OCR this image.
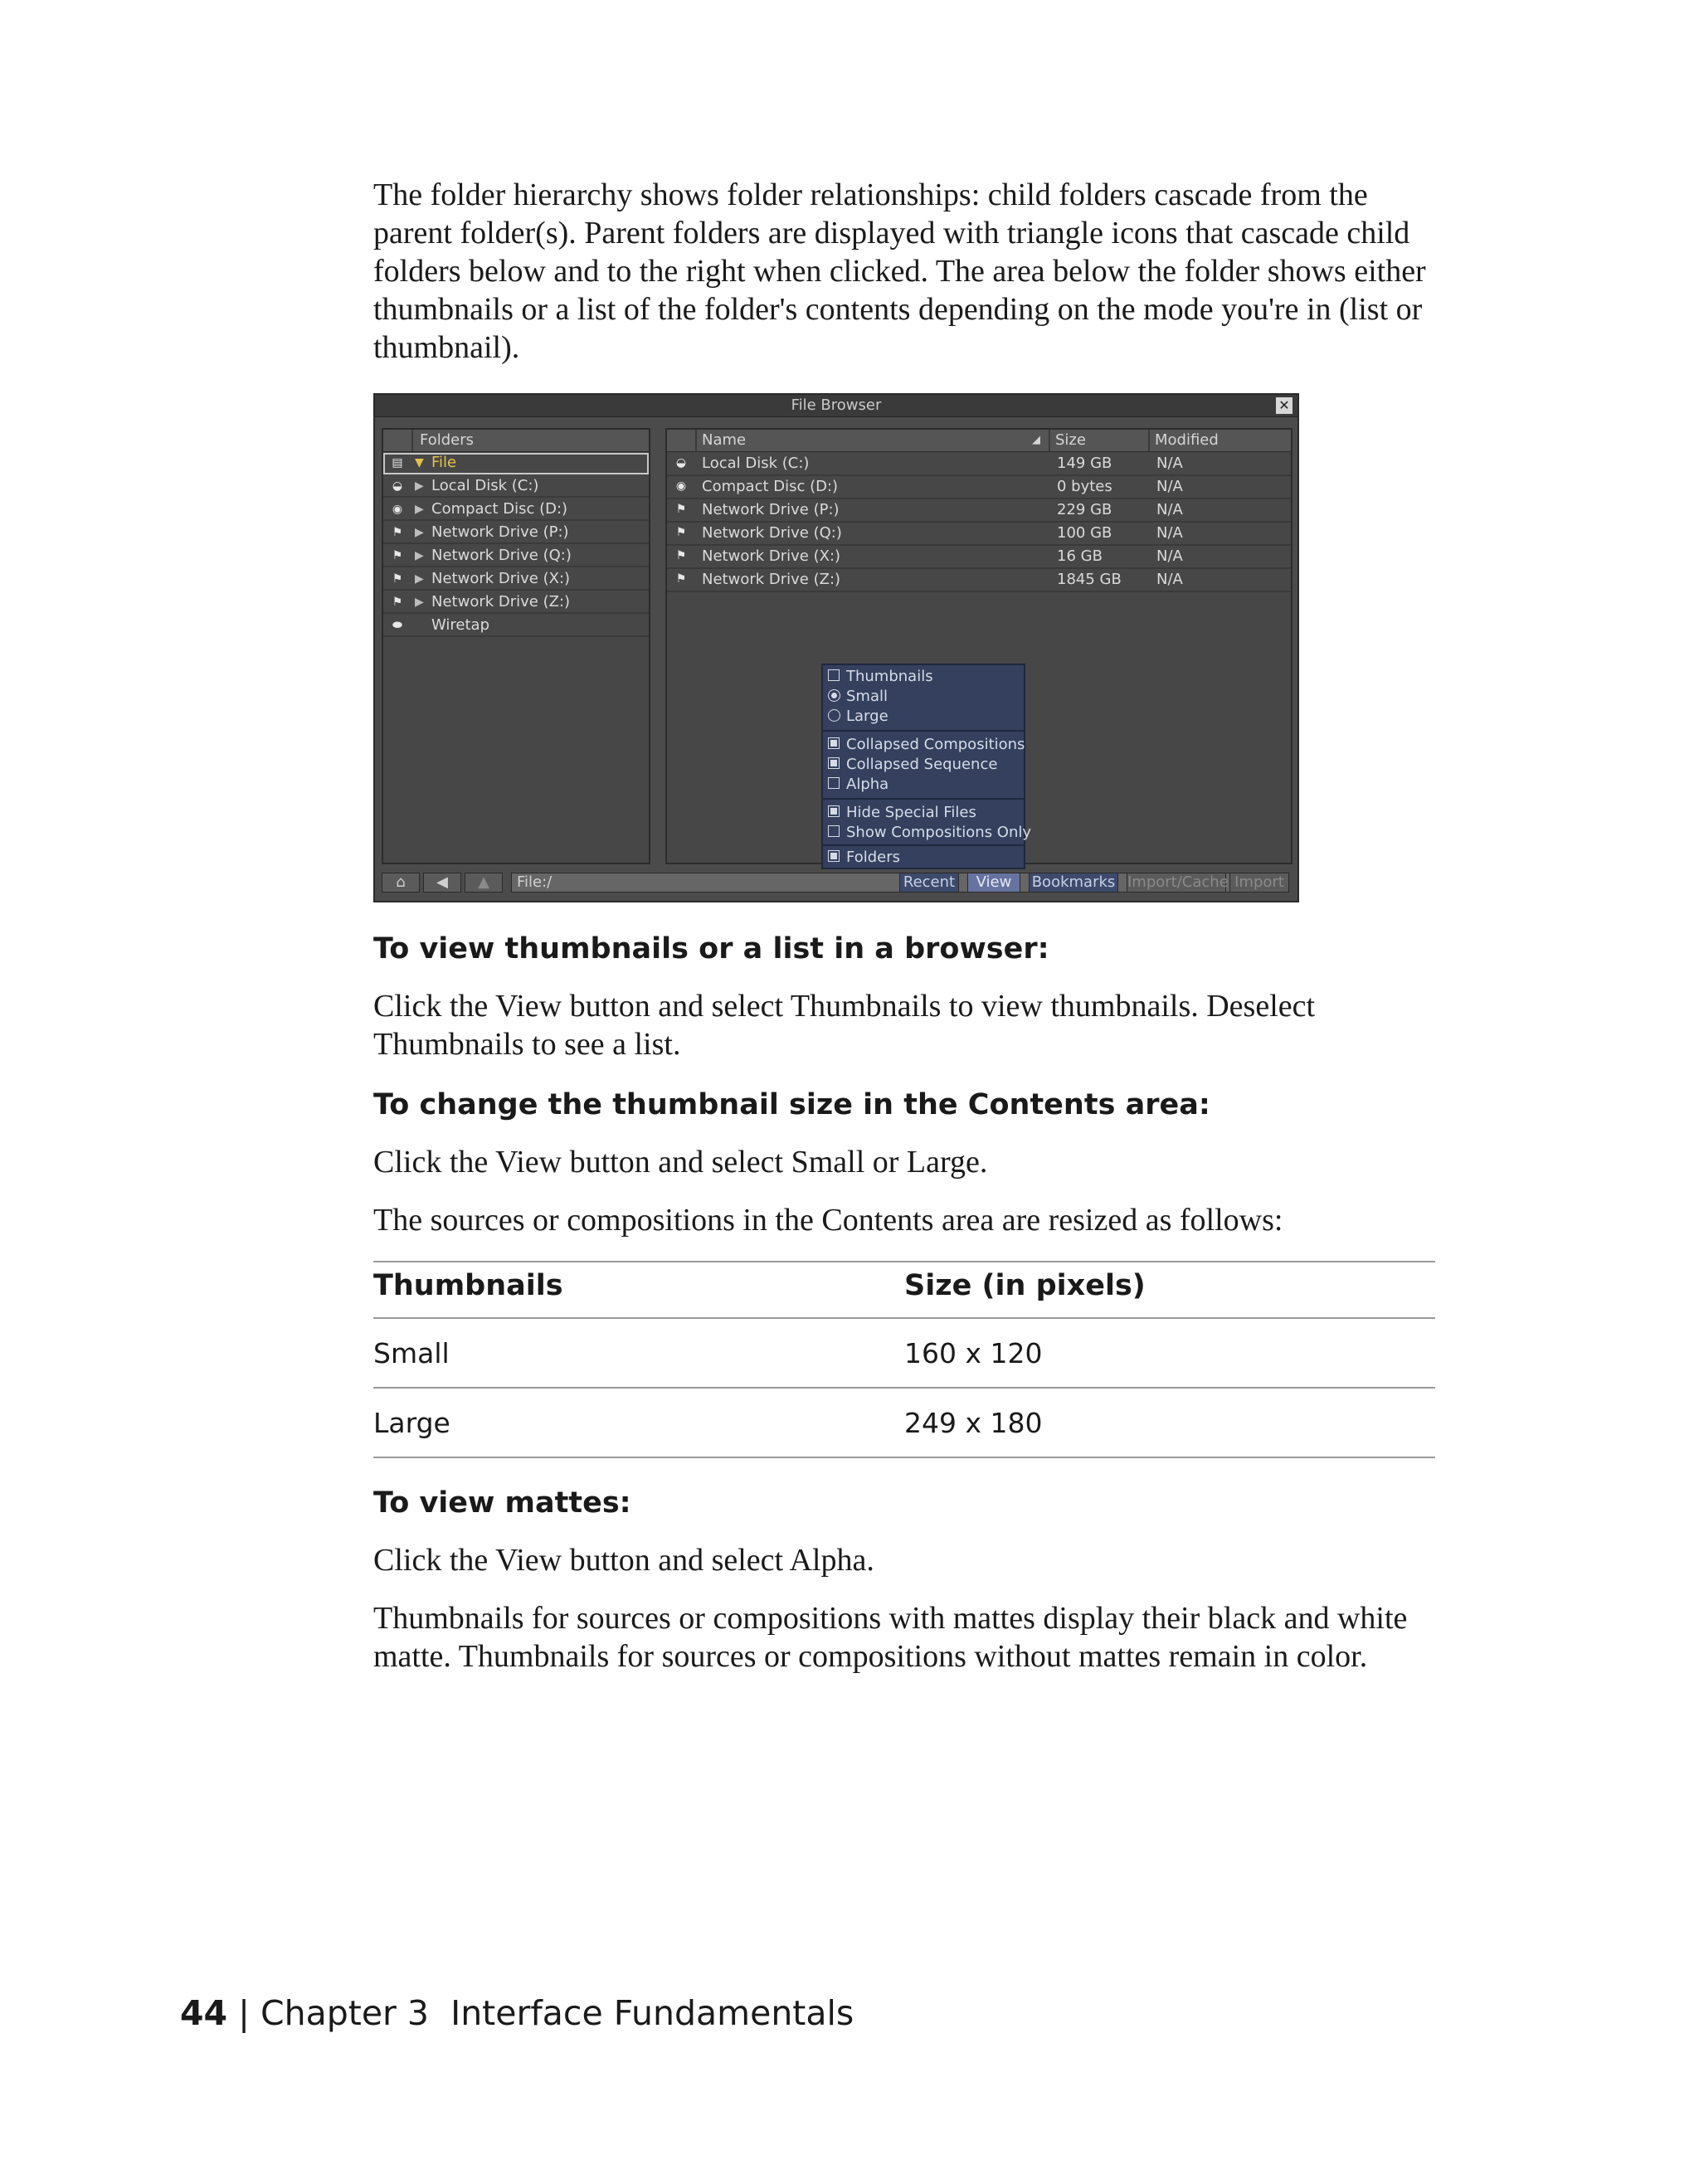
The folder hierarchy shows folder relationships: child folders cascade from the parent folder(s). Parent folders are displayed with triangle icons that cascade child folders below and to the right when clicked. The area below the folder shows either thumbnails or a list of the folder's contents depending on the mode you're in (list or thumbnail).

File Browser	✕
Folders
▤ ▼ File
◒ ▶ Local Disk (C:)
◉ ▶ Compact Disc (D:)
⚑ ▶ Network Drive (P:)
⚑ ▶ Network Drive (Q:)
⚑ ▶ Network Drive (X:)
⚑ ▶ Network Drive (Z:)
⬬ Wiretap
Name	◢ Size	Modified
◒ Local Disk (C:)	149 GB	N/A
◉ Compact Disc (D:)	0 bytes	N/A
⚑ Network Drive (P:)	229 GB	N/A
⚑ Network Drive (Q:)	100 GB	N/A
⚑ Network Drive (X:)	16 GB	N/A
⚑ Network Drive (Z:)	1845 GB N/A
⌂	◀	▲	File:/	Recent	View	Bookmarks Import/Cache Import
Thumbnails
Small
Large
Collapsed Compositions
Collapsed Sequence
Alpha
Hide Special Files
Show Compositions Only
Folders

To view thumbnails or a list in a browser:

Click the View button and select Thumbnails to view thumbnails. Deselect Thumbnails to see a list.

To change the thumbnail size in the Contents area:

Click the View button and select Small or Large.

The sources or compositions in the Contents area are resized as follows:

Thumbnails	Size (in pixels)
Small	160 x 120
Large	249 x 180

To view mattes:

Click the View button and select Alpha.

Thumbnails for sources or compositions with mattes display their black and white matte. Thumbnails for sources or compositions without mattes remain in color.

44 | Chapter 3 Interface Fundamentals
